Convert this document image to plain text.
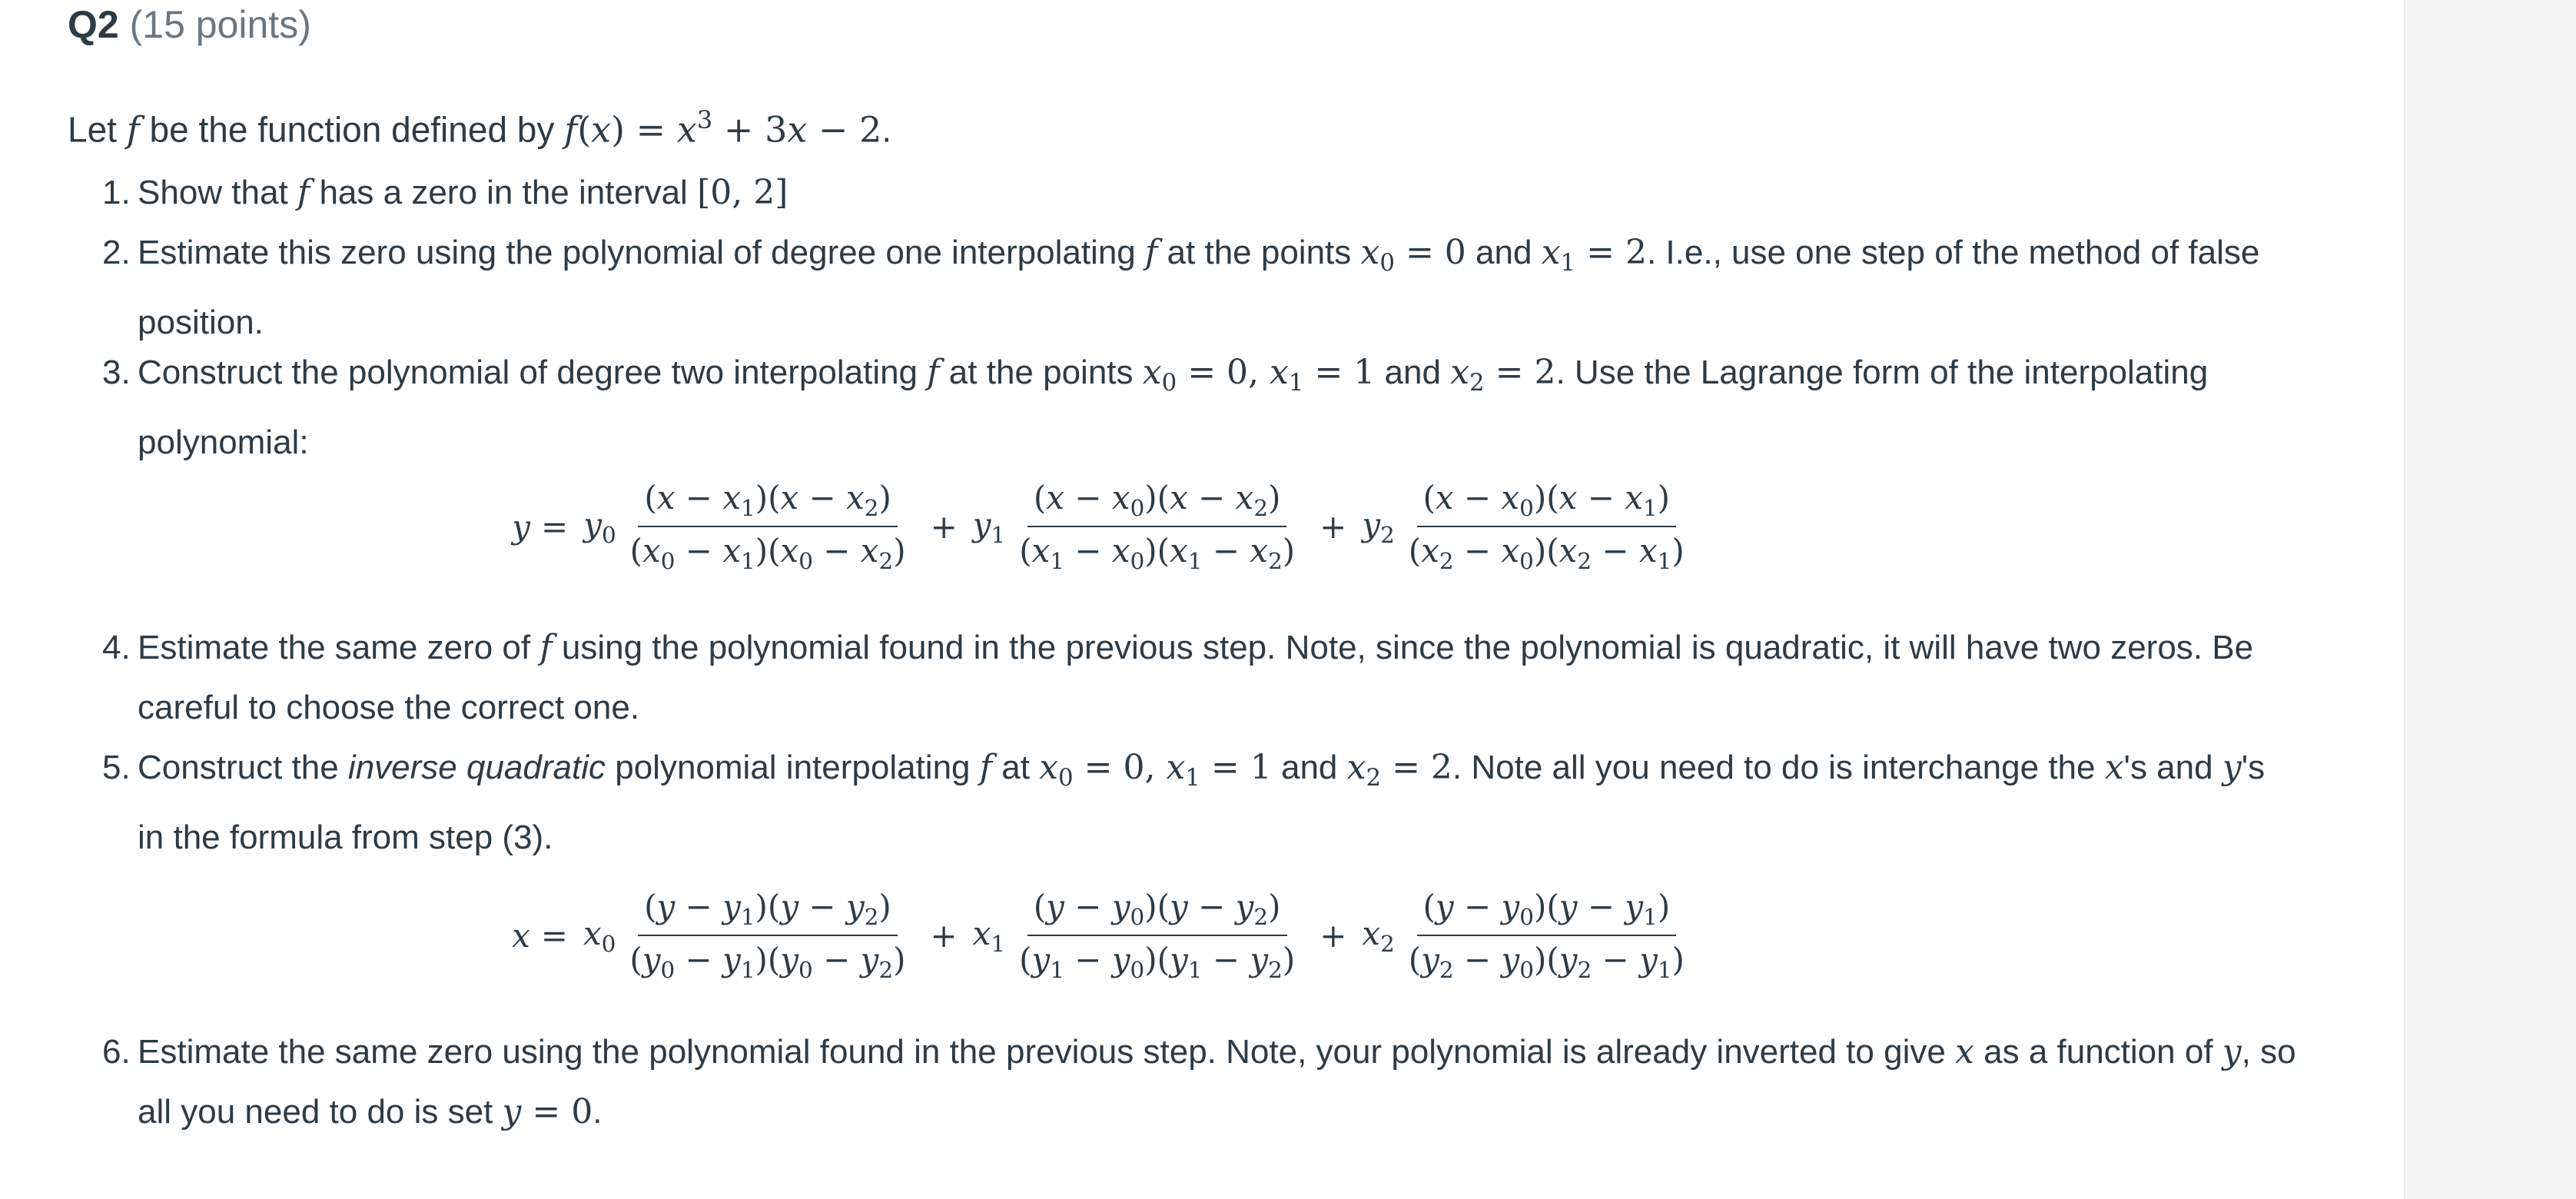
Q2 (15 points)
Let f be the function defined by $f(x) = x^3 + 3x - 2$.
1. Show that f has a zero in the interval [0, 2]
2. Estimate this zero using the polynomial of degree one interpolating f at the points $x_0 = 0$ and $x_1 = 2$. I.e., use one step of the method of false
position.
3. Construct the polynomial of degree two interpolating f at the points $x_0 = 0$, $x_1 = 1$ and $x_2 = 2$. Use the Lagrange form of the interpolating
polynomial:
$y = y_0 \frac{(x - x_1)(x - x_2)}{(x_0 - x_1)(x_0 - x_2)} + y_1 \frac{(x - x_0)(x - x_2)}{(x_1 - x_0)(x_1 - x_2)} + y_2 \frac{(x - x_0)(x - x_1)}{(x_2 - x_0)(x_2 - x_1)}$
4. Estimate the same zero of f using the polynomial found in the previous step. Note, since the polynomial is quadratic, it will have two zeros. Be
careful to choose the correct one.
5. Construct the inverse quadratic polynomial interpolating f at $x_0 = 0$, $x_1 = 1$ and $x_2 = 2$. Note all you need to do is interchange the x's and y's
in the formula from step (3).
$x = x_0 \frac{(y - y_1)(y - y_2)}{(y_0 - y_1)(y_0 - y_2)} + x_1 \frac{(y - y_0)(y - y_2)}{(y_1 - y_0)(y_1 - y_2)} + x_2 \frac{(y - y_0)(y - y_1)}{(y_2 - y_0)(y_2 - y_1)}$
6. Estimate the same zero using the polynomial found in the previous step. Note, your polynomial is already inverted to give x as a function of y, so
all you need to do is set y = 0.
